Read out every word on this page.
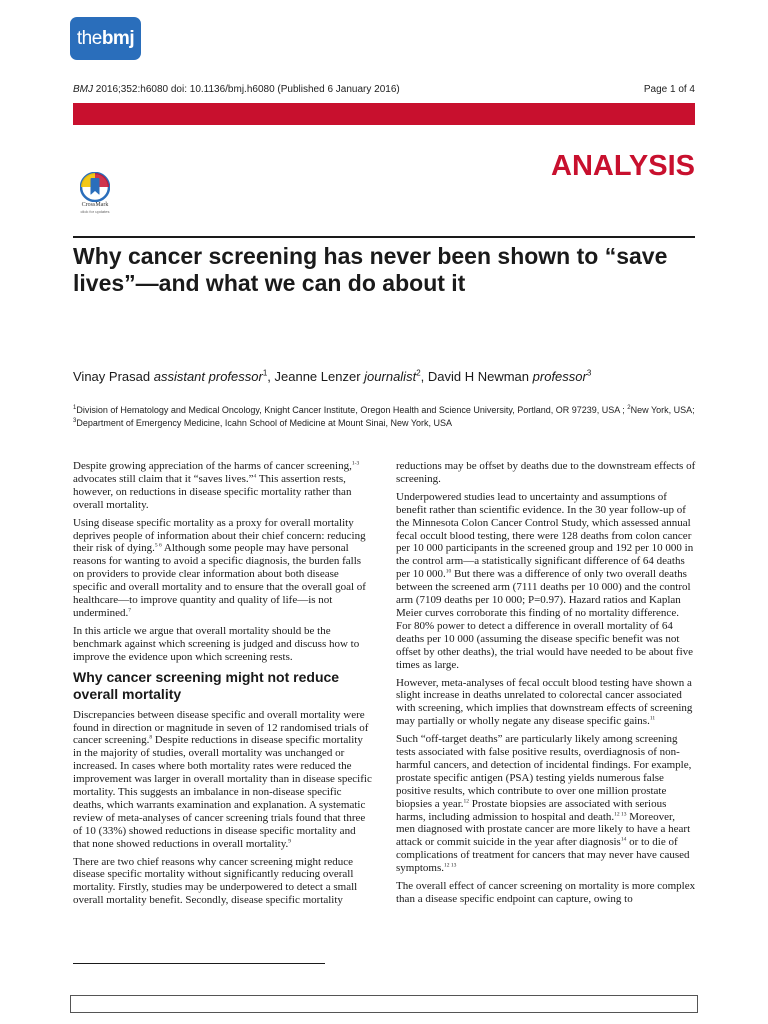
the bmj
BMJ 2016;352:h6080 doi: 10.1136/bmj.h6080 (Published 6 January 2016)	Page 1 of 4
ANALYSIS
CrossMark
click for updates
Why cancer screening has never been shown to “save lives”—and what we can do about it
Vinay Prasad assistant professor$^1$, Jeanne Lenzer journalist$^2$, David H Newman professor$^3$
$^1$Division of Hematology and Medical Oncology, Knight Cancer Institute, Oregon Health and Science University, Portland, OR 97239, USA ; $^2$New York, USA; $^3$Department of Emergency Medicine, Icahn School of Medicine at Mount Sinai, New York, USA

Despite growing appreciation of the harms of cancer screening,$^{1-3}$ advocates still claim that it “saves lives.”$^4$ This assertion rests, however, on reductions in disease specific mortality rather than overall mortality.

Using disease specific mortality as a proxy for overall mortality deprives people of information about their chief concern: reducing their risk of dying.$^{5 6}$ Although some people may have personal reasons for wanting to avoid a specific diagnosis, the burden falls on providers to provide clear information about both disease specific and overall mortality and to ensure that the overall goal of healthcare—to improve quantity and quality of life—is not undermined.$^7$

In this article we argue that overall mortality should be the benchmark against which screening is judged and discuss how to improve the evidence upon which screening rests.

Why cancer screening might not reduce overall mortality

Discrepancies between disease specific and overall mortality were found in direction or magnitude in seven of 12 randomised trials of cancer screening.$^8$ Despite reductions in disease specific mortality in the majority of studies, overall mortality was unchanged or increased. In cases where both mortality rates were reduced the improvement was larger in overall mortality than in disease specific mortality. This suggests an imbalance in non-disease specific deaths, which warrants examination and explanation. A systematic review of meta-analyses of cancer screening trials found that three of 10 (33%) showed reductions in disease specific mortality and that none showed reductions in overall mortality.$^9$

There are two chief reasons why cancer screening might reduce disease specific mortality without significantly reducing overall mortality. Firstly, studies may be underpowered to detect a small overall mortality benefit. Secondly, disease specific mortality

reductions may be offset by deaths due to the downstream effects of screening.

Underpowered studies lead to uncertainty and assumptions of benefit rather than scientific evidence. In the 30 year follow-up of the Minnesota Colon Cancer Control Study, which assessed annual fecal occult blood testing, there were 128 deaths from colon cancer per 10 000 participants in the screened group and 192 per 10 000 in the control arm—a statistically significant difference of 64 deaths per 10 000.10 But there was a difference of only two overall deaths between the screened arm (7111 deaths per 10 000) and the control arm (7109 deaths per 10 000; P=0.97). Hazard ratios and Kaplan Meier curves corroborate this finding of no mortality difference. For 80% power to detect a difference in overall mortality of 64 deaths per 10 000 (assuming the disease specific benefit was not offset by other deaths), the trial would have needed to be about five times as large.

However, meta-analyses of fecal occult blood testing have shown a slight increase in deaths unrelated to colorectal cancer associated with screening, which implies that downstream effects of screening may partially or wholly negate any disease specific gains.$^{11}$

Such “off-target deaths” are particularly likely among screening tests associated with false positive results, overdiagnosis of non-harmful cancers, and detection of incidental findings. For example, prostate specific antigen (PSA) testing yields numerous false positive results, which contribute to over one million prostate biopsies a year.$^{12}$ Prostate biopsies are associated with serious harms, including admission to hospital and death.$^{12 13}$ Moreover, men diagnosed with prostate cancer are more likely to have a heart attack or commit suicide in the year after diagnosis$^{14}$ or to die of complications of treatment for cancers that may never have caused symptoms.$^{12 13}$

The overall effect of cancer screening on mortality is more complex than a disease specific endpoint can capture, owing to
